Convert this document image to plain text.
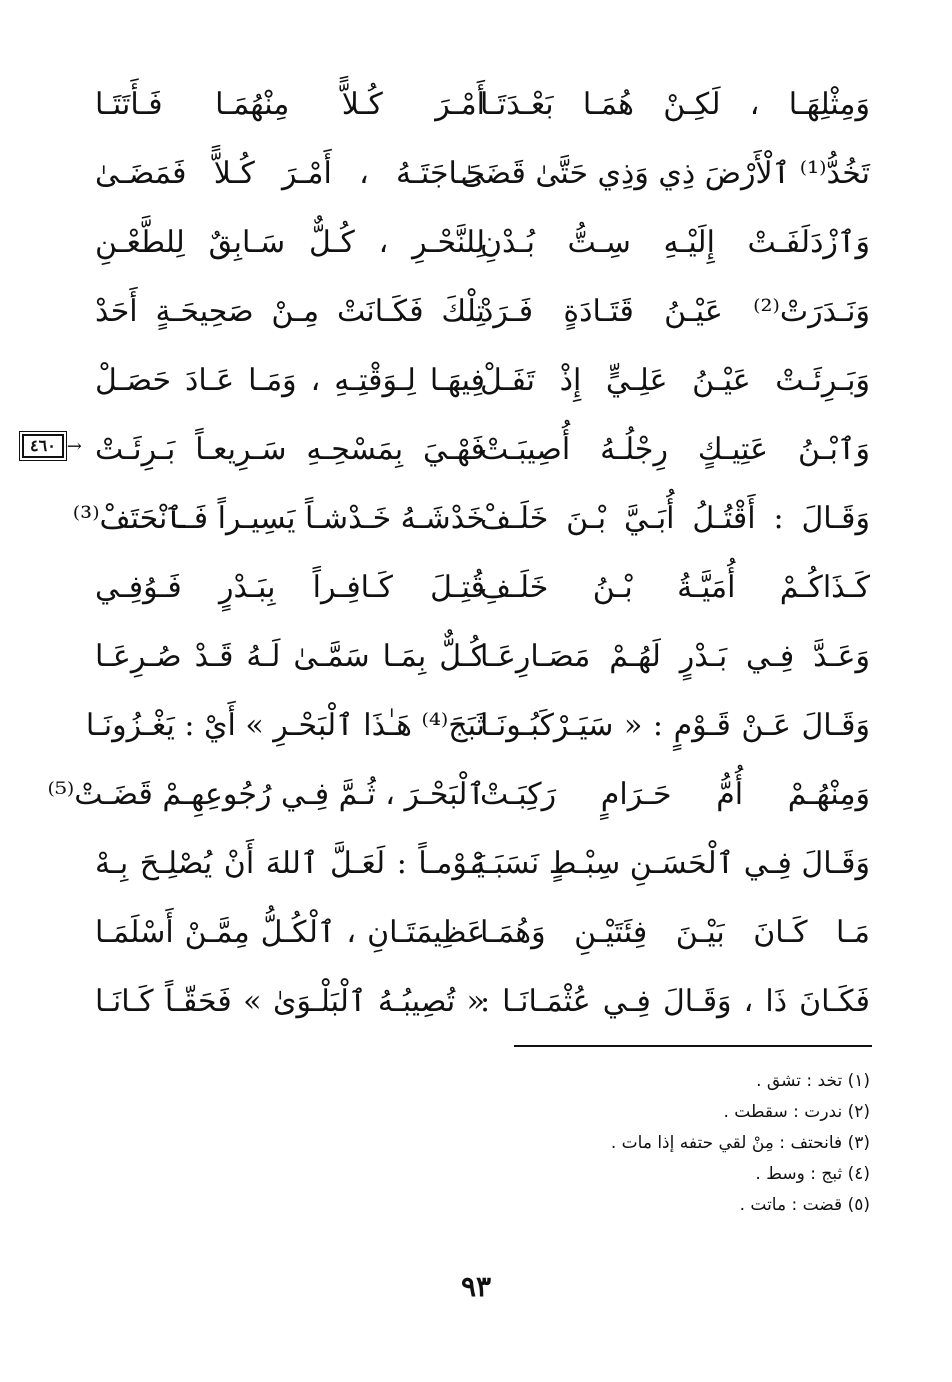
وَمِثْلِهَـا ، لَكِـنْ هُمَـا بَعْـدَتَـا
تَخُدُّ⁽¹⁾ ٱلْأَرْضَ ذِي وَذِي حَتَّىٰ قَضَىٰ
وَٱزْدَلَفَـتْ إِلَيْـهِ سِـتُّ بُـدْنِ
وَنَـدَرَتْ⁽²⁾ عَيْـنُ قَتَـادَةٍ فَـرَدْ
وَبَـرِئَـتْ عَيْـنُ عَلِـيٍّ إِذْ تَفَـلْ
وَٱبْـنُ عَتِيـكٍ رِجْلُـهُ أُصِيبَـتْ
وَقَـالَ : أَقْتُـلُ أُبَـيَّ بْـنَ خَلَـفْ
كَـذَاكُـمْ أُمَيَّـةُ بْـنُ خَلَـفِ
وَعَـدَّ فِـي بَـدْرٍ لَهُـمْ مَصَـارِعَـا
وَقَـالَ عَـنْ قَـوْمٍ : « سَيَـرْكَبُـونَـا
وَمِنْهُـمْ أُمُّ حَـرَامٍ رَكِبَـتْ
وَقَـالَ فِـي ٱلْحَسَـنِ سِبْـطٍ نَسَبَـهْ
مَـا كَـانَ بَيْـنَ فِئَتَيْـنِ وَهُمَـا
فَكَـانَ ذَا ، وَقَـالَ فِـي عُثْمَـانَـا :
أَمْـرَ كُـلاًّ مِنْهُمَـا فَـأَتَتَـا
حَـاجَتَـهُ ، أَمْـرَ كُـلاًّ فَمَضَـىٰ
لِلنَّحْـرِ ، كُـلٌّ سَـابِقٌ لِلطَّعْـنِ
تِلْكَ فَكَـانَتْ مِـنْ صَحِيحَـةٍ أَحَدْ
فِيهَـا لِـوَقْتِـهِ ، وَمَـا عَـادَ حَصَـلْ
فَهْـيَ بِمَسْحِـهِ سَـرِيعـاً بَـرِئَـتْ
خَدْشَـهُ خَـدْشـاً يَسِيـراً فَـٱنْحَتَفْ⁽³⁾
قُتِـلَ كَـافِـراً بِبَـدْرٍ فَـوُفِـي
كُـلٌّ بِمَـا سَمَّـىٰ لَـهُ قَـدْ صُـرِعَـا
ثَبَجَ⁽⁴⁾ هَـٰذَا ٱلْبَحْـرِ » أَيْ : يَغْـزُونَـا
ٱلْبَحْـرَ ، ثُـمَّ فِـي رُجُوعِهِـمْ قَضَـتْ⁽⁵⁾
يَـوْمـاً : لَعَـلَّ ٱللهَ أَنْ يُصْلِـحَ بِـهْ
عَظِيمَتَـانِ ، ٱلْكُـلُّ مِمَّـنْ أَسْلَمَـا
« تُصِيبُـهُ ٱلْبَلْـوَىٰ » فَحَقّـاً كَـانَـا
٤٦٠ →
(١) تخد : تشق .
(٢) ندرت : سقطت .
(٣) فانحتف : مِنْ لقي حتفه إذا مات .
(٤) ثبج : وسط .
(٥) قضت : ماتت .
٩٣
